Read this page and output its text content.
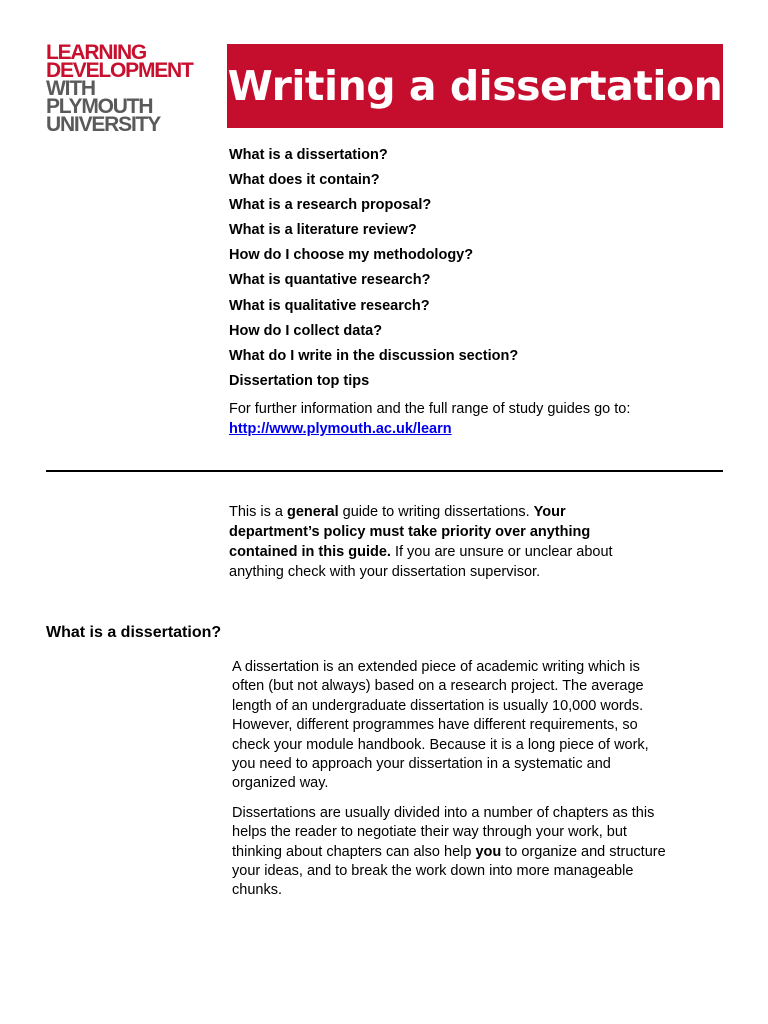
LEARNING
DEVELOPMENT
WITH
PLYMOUTH
UNIVERSITY
Writing a dissertation
What is a dissertation?
What does it contain?
What is a research proposal?
What is a literature review?
How do I choose my methodology?
What is quantative research?
What is qualitative research?
How do I collect data?
What do I write in the discussion section?
Dissertation top tips
For further information and the full range of study guides go to:
http://www.plymouth.ac.uk/learn
This is a general guide to writing dissertations. Your department’s policy must take priority over anything contained in this guide. If you are unsure or unclear about anything check with your dissertation supervisor.
What is a dissertation?

A dissertation is an extended piece of academic writing which is often (but not always) based on a research project. The average length of an undergraduate dissertation is usually 10,000 words. However, different programmes have different requirements, so check your module handbook. Because it is a long piece of work, you need to approach your dissertation in a systematic and organized way.

Dissertations are usually divided into a number of chapters as this helps the reader to negotiate their way through your work, but thinking about chapters can also help you to organize and structure your ideas, and to break the work down into more manageable chunks.
